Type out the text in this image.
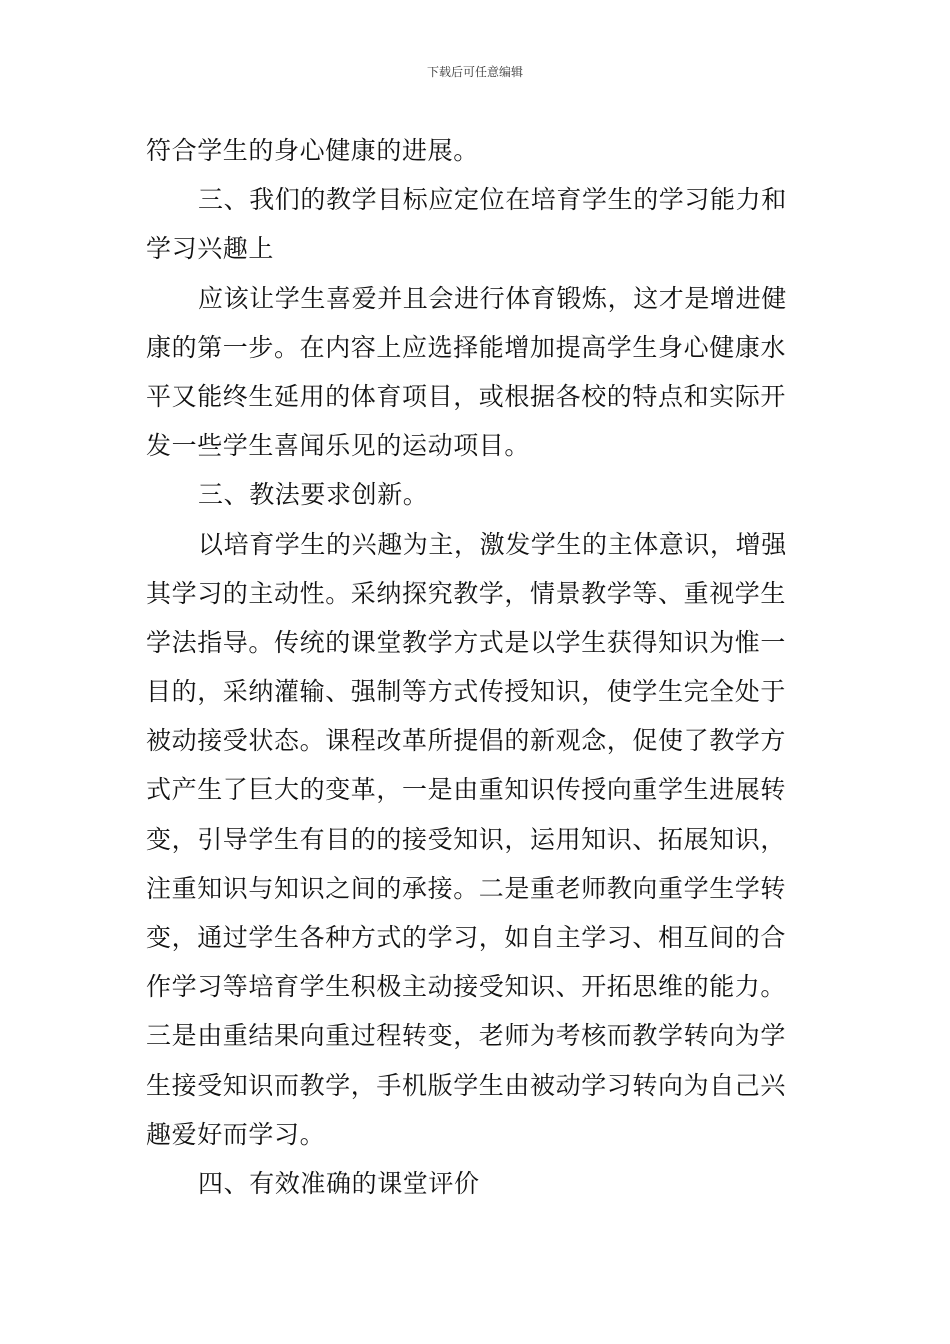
下载后可任意编辑
符合学生的身心健康的进展。
三、我们的教学目标应定位在培育学生的学习能力和
学习兴趣上
应该让学生喜爱并且会进行体育锻炼，这才是增进健
康的第一步。在内容上应选择能增加提高学生身心健康水
平又能终生延用的体育项目，或根据各校的特点和实际开
发一些学生喜闻乐见的运动项目。
三、教法要求创新。
以培育学生的兴趣为主，激发学生的主体意识，增强
其学习的主动性。采纳探究教学，情景教学等、重视学生
学法指导。传统的课堂教学方式是以学生获得知识为惟一
目的，采纳灌输、强制等方式传授知识，使学生完全处于
被动接受状态。课程改革所提倡的新观念，促使了教学方
式产生了巨大的变革，一是由重知识传授向重学生进展转
变，引导学生有目的的接受知识，运用知识、拓展知识，
注重知识与知识之间的承接。二是重老师教向重学生学转
变，通过学生各种方式的学习，如自主学习、相互间的合
作学习等培育学生积极主动接受知识、开拓思维的能力。
三是由重结果向重过程转变，老师为考核而教学转向为学
生接受知识而教学，手机版学生由被动学习转向为自己兴
趣爱好而学习。
四、有效准确的课堂评价
